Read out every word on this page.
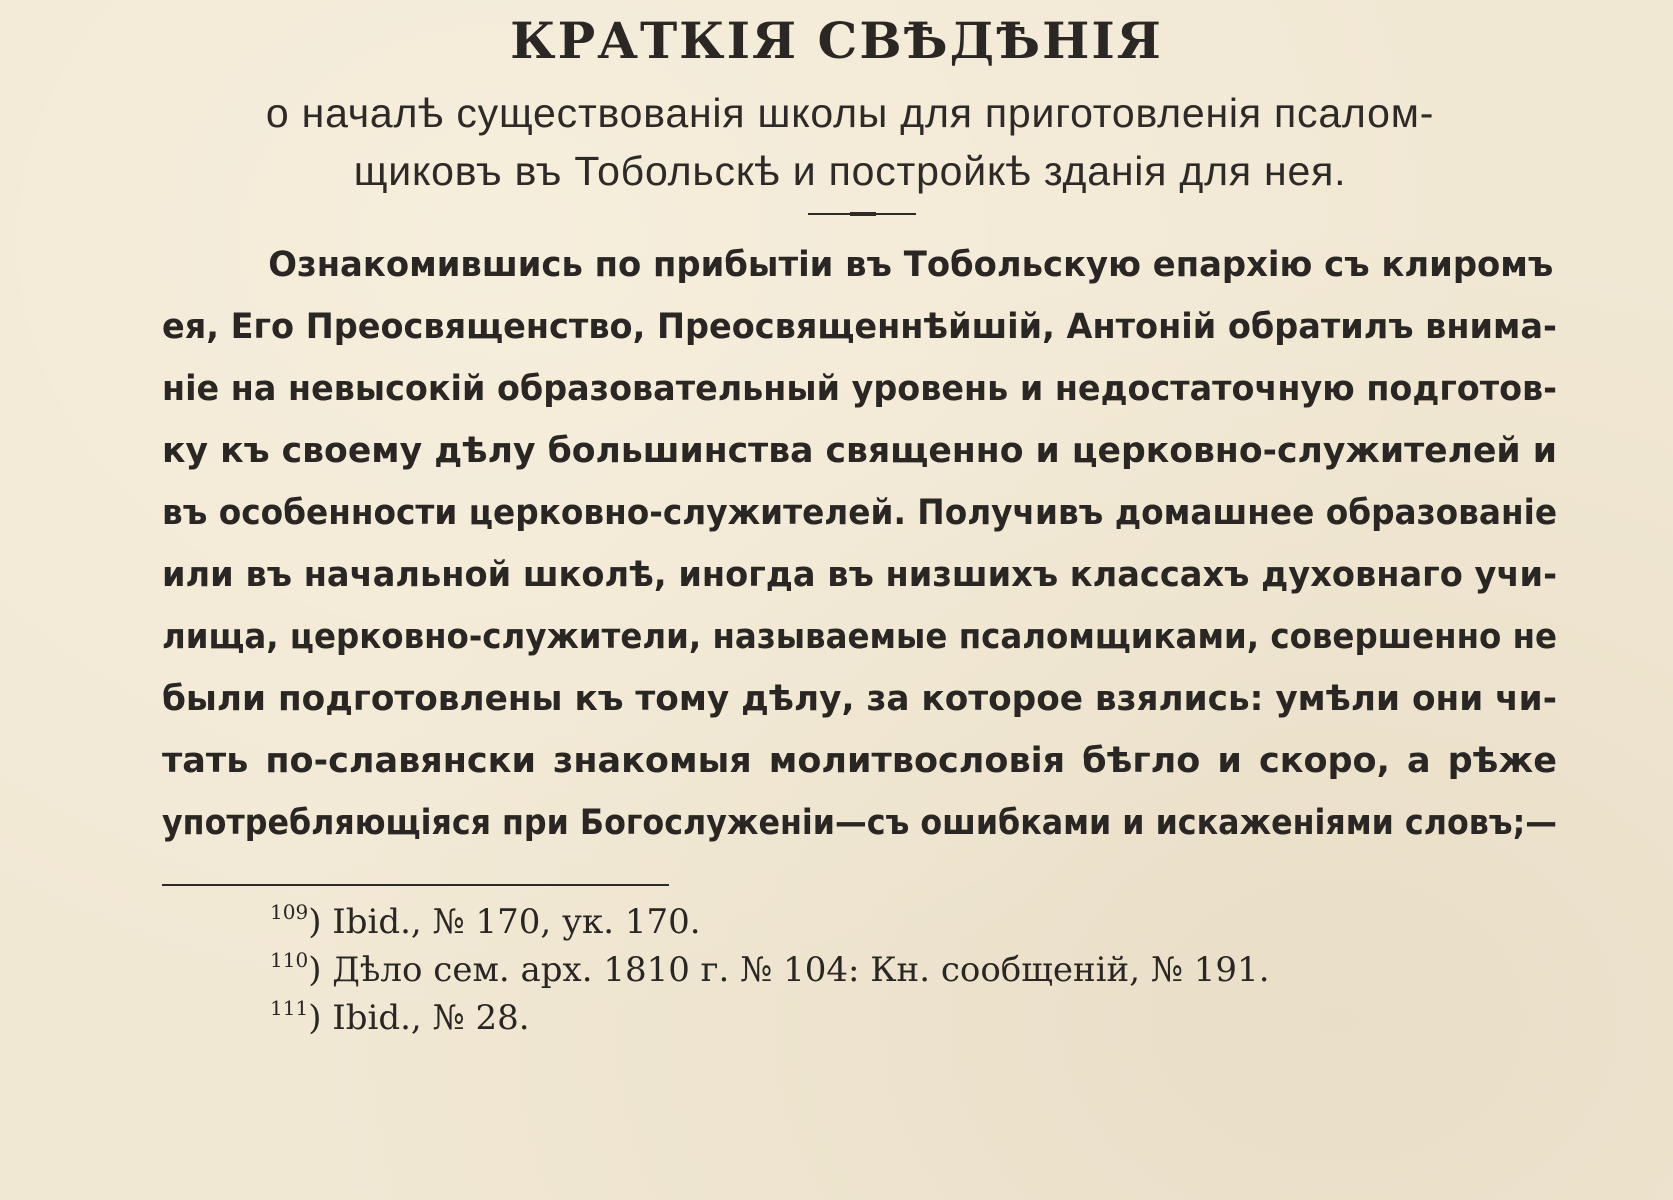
КРАТКІЯ СВѢДѢНІЯ

о началѣ существованія школы для приготовленія псалом-
щиковъ въ Тобольскѣ и постройкѣ зданія для нея.

Ознакомившись по прибытіи въ Тобольскую епархію съ клиромъ
ея, Его Преосвященство, Преосвященнѣйшій, Антоній обратилъ внима-
ніе на невысокій образовательный уровень и недостаточную подготов-
ку къ своему дѣлу большинства священно и церковно-служителей и
въ особенности церковно-служителей. Получивъ домашнее образованіе
или въ начальной школѣ, иногда въ низшихъ классахъ духовнаго учи-
лища, церковно-служители, называемые псаломщиками, совершенно не
были подготовлены къ тому дѣлу, за которое взялись: умѣли они чи-
тать по-славянски знакомыя молитвословія бѣгло и скоро, а рѣже
употребляющіяся при Богослуженіи—съ ошибками и искаженіями словъ;—

$^{109}$) Ibid., № 170, ук. 170.
$^{110}$) Дѣло сем. арх. 1810 г. № 104: Кн. сообщеній, № 191.
$^{111}$) Ibid., № 28.
